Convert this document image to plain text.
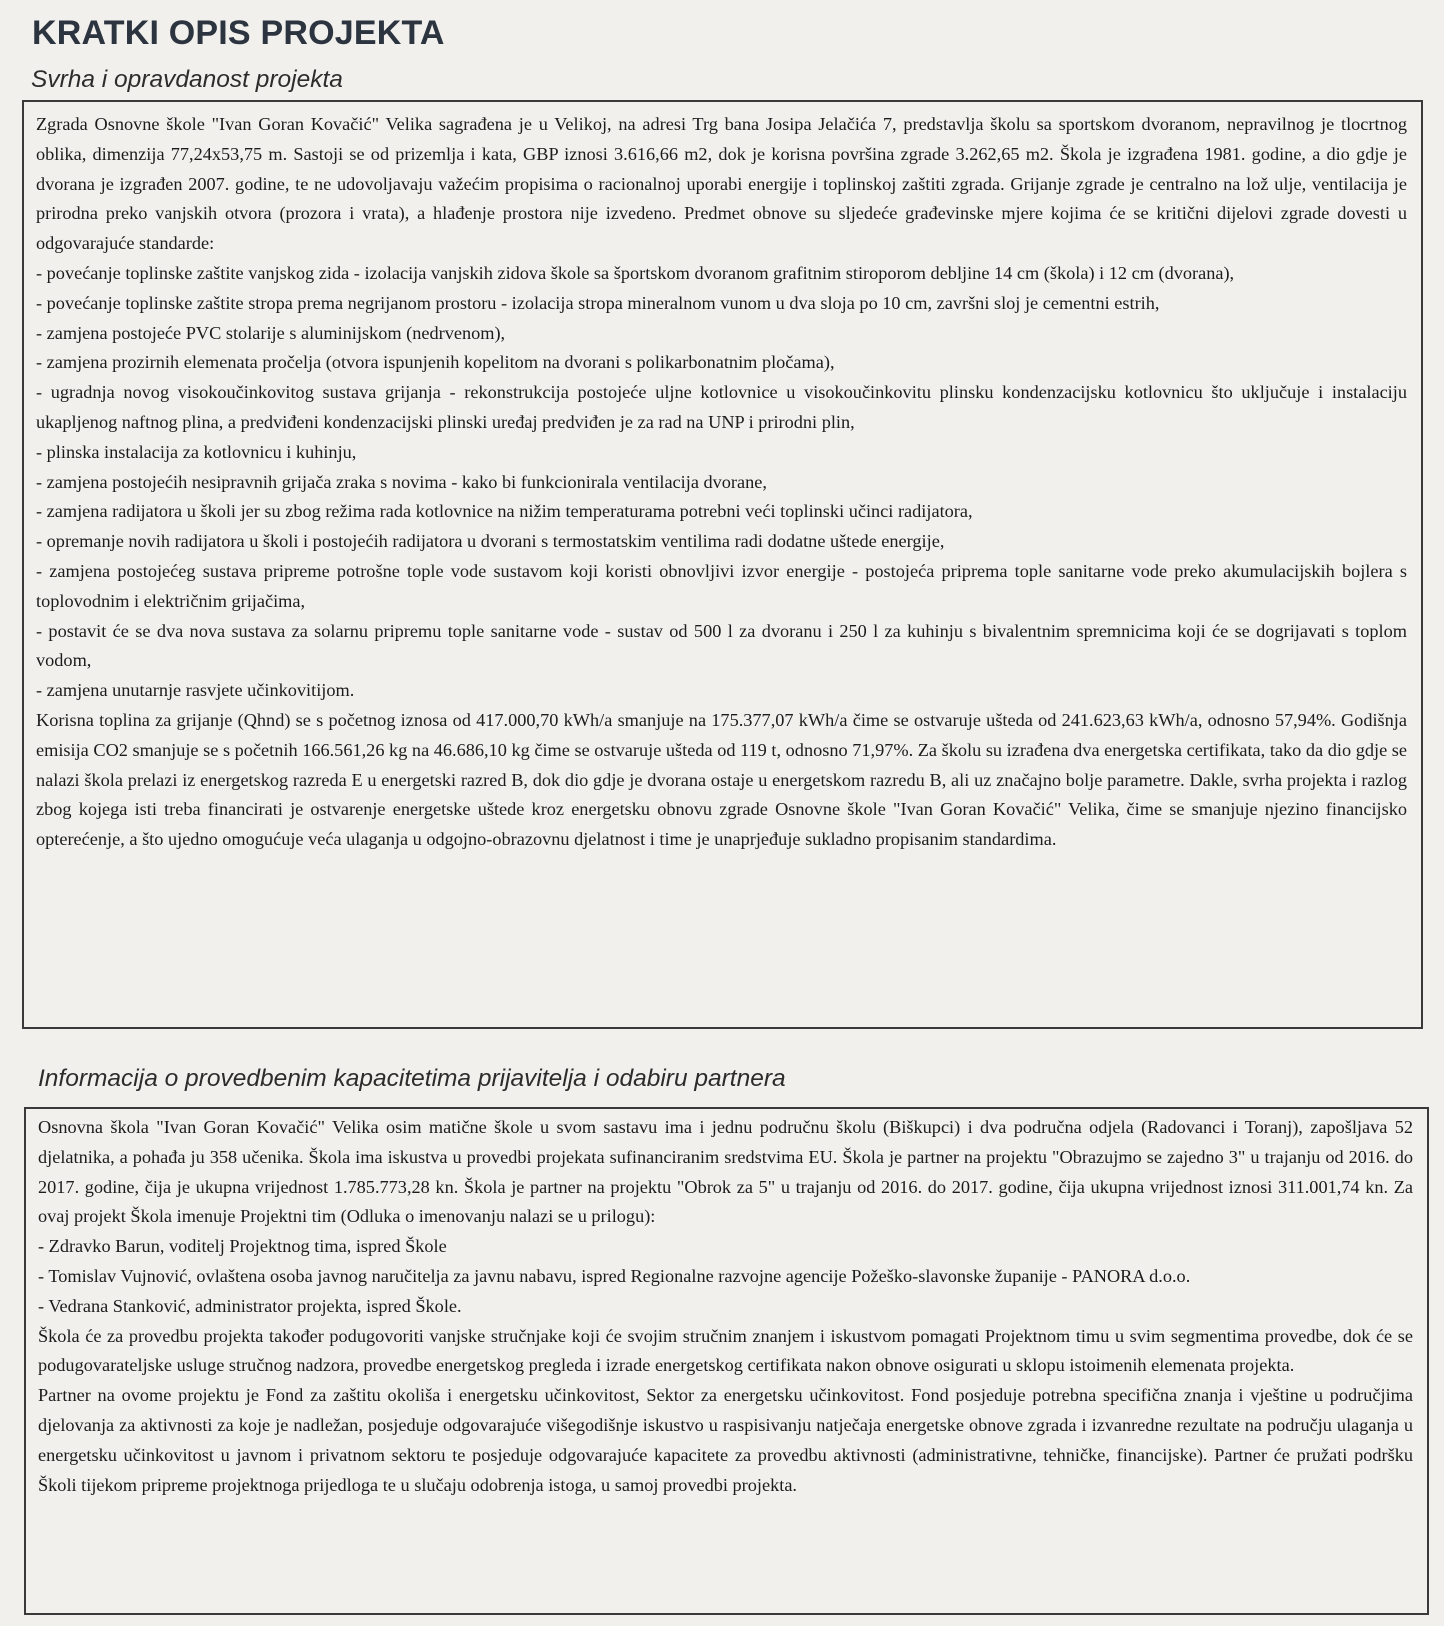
KRATKI OPIS PROJEKTA
Svrha i opravdanost projekta

Zgrada Osnovne škole "Ivan Goran Kovačić" Velika sagrađena je u Velikoj, na adresi Trg bana Josipa Jelačića 7, predstavlja školu sa sportskom dvoranom, nepravilnog je tlocrtnog oblika, dimenzija 77,24x53,75 m. Sastoji se od prizemlja i kata, GBP iznosi 3.616,66 m2, dok je korisna površina zgrade 3.262,65 m2. Škola je izgrađena 1981. godine, a dio gdje je dvorana je izgrađen 2007. godine, te ne udovoljavaju važećim propisima o racionalnoj uporabi energije i toplinskoj zaštiti zgrada. Grijanje zgrade je centralno na lož ulje, ventilacija je prirodna preko vanjskih otvora (prozora i vrata), a hlađenje prostora nije izvedeno. Predmet obnove su sljedeće građevinske mjere kojima će se kritični dijelovi zgrade dovesti u odgovarajuće standarde:

- povećanje toplinske zaštite vanjskog zida - izolacija vanjskih zidova škole sa športskom dvoranom grafitnim stiroporom debljine 14 cm (škola) i 12 cm (dvorana),

- povećanje toplinske zaštite stropa prema negrijanom prostoru - izolacija stropa mineralnom vunom u dva sloja po 10 cm, završni sloj je cementni estrih,

- zamjena postojeće PVC stolarije s aluminijskom (nedrvenom),

- zamjena prozirnih elemenata pročelja (otvora ispunjenih kopelitom na dvorani s polikarbonatnim pločama),

- ugradnja novog visokoučinkovitog sustava grijanja - rekonstrukcija postojeće uljne kotlovnice u visokoučinkovitu plinsku kondenzacijsku kotlovnicu što uključuje i instalaciju ukapljenog naftnog plina, a predviđeni kondenzacijski plinski uređaj predviđen je za rad na UNP i prirodni plin,

- plinska instalacija za kotlovnicu i kuhinju,

- zamjena postojećih nesipravnih grijača zraka s novima - kako bi funkcionirala ventilacija dvorane,

- zamjena radijatora u školi jer su zbog režima rada kotlovnice na nižim temperaturama potrebni veći toplinski učinci radijatora,

- opremanje novih radijatora u školi i postojećih radijatora u dvorani s termostatskim ventilima radi dodatne uštede energije,

- zamjena postojećeg sustava pripreme potrošne tople vode sustavom koji koristi obnovljivi izvor energije - postojeća priprema tople sanitarne vode preko akumulacijskih bojlera s toplovodnim i električnim grijačima,

- postavit će se dva nova sustava za solarnu pripremu tople sanitarne vode - sustav od 500 l za dvoranu i 250 l za kuhinju s bivalentnim spremnicima koji će se dogrijavati s toplom vodom,

- zamjena unutarnje rasvjete učinkovitijom.

Korisna toplina za grijanje (Qhnd) se s početnog iznosa od 417.000,70 kWh/a smanjuje na 175.377,07 kWh/a čime se ostvaruje ušteda od 241.623,63 kWh/a, odnosno 57,94%. Godišnja emisija CO2 smanjuje se s početnih 166.561,26 kg na 46.686,10 kg čime se ostvaruje ušteda od 119 t, odnosno 71,97%. Za školu su izrađena dva energetska certifikata, tako da dio gdje se nalazi škola prelazi iz energetskog razreda E u energetski razred B, dok dio gdje je dvorana ostaje u energetskom razredu B, ali uz značajno bolje parametre. Dakle, svrha projekta i razlog zbog kojega isti treba financirati je ostvarenje energetske uštede kroz energetsku obnovu zgrade Osnovne škole "Ivan Goran Kovačić" Velika, čime se smanjuje njezino financijsko opterećenje, a što ujedno omogućuje veća ulaganja u odgojno-obrazovnu djelatnost i time je unaprjeđuje sukladno propisanim standardima.

Informacija o provedbenim kapacitetima prijavitelja i odabiru partnera

Osnovna škola "Ivan Goran Kovačić" Velika osim matične škole u svom sastavu ima i jednu područnu školu (Biškupci) i dva područna odjela (Radovanci i Toranj), zapošljava 52 djelatnika, a pohađa ju 358 učenika. Škola ima iskustva u provedbi projekata sufinanciranim sredstvima EU. Škola je partner na projektu "Obrazujmo se zajedno 3" u trajanju od 2016. do 2017. godine, čija je ukupna vrijednost 1.785.773,28 kn. Škola je partner na projektu "Obrok za 5" u trajanju od 2016. do 2017. godine, čija ukupna vrijednost iznosi 311.001,74 kn. Za ovaj projekt Škola imenuje Projektni tim (Odluka o imenovanju nalazi se u prilogu):

- Zdravko Barun, voditelj Projektnog tima, ispred Škole

- Tomislav Vujnović, ovlaštena osoba javnog naručitelja za javnu nabavu, ispred Regionalne razvojne agencije Požeško-slavonske županije - PANORA d.o.o.

- Vedrana Stanković, administrator projekta, ispred Škole.

Škola će za provedbu projekta također podugovoriti vanjske stručnjake koji će svojim stručnim znanjem i iskustvom pomagati Projektnom timu u svim segmentima provedbe, dok će se podugovarateljske usluge stručnog nadzora, provedbe energetskog pregleda i izrade energetskog certifikata nakon obnove osigurati u sklopu istoimenih elemenata projekta.

Partner na ovome projektu je Fond za zaštitu okoliša i energetsku učinkovitost, Sektor za energetsku učinkovitost. Fond posjeduje potrebna specifična znanja i vještine u područjima djelovanja za aktivnosti za koje je nadležan, posjeduje odgovarajuće višegodišnje iskustvo u raspisivanju natječaja energetske obnove zgrada i izvanredne rezultate na području ulaganja u energetsku učinkovitost u javnom i privatnom sektoru te posjeduje odgovarajuće kapacitete za provedbu aktivnosti (administrativne, tehničke, financijske). Partner će pružati podršku Školi tijekom pripreme projektnoga prijedloga te u slučaju odobrenja istoga, u samoj provedbi projekta.
